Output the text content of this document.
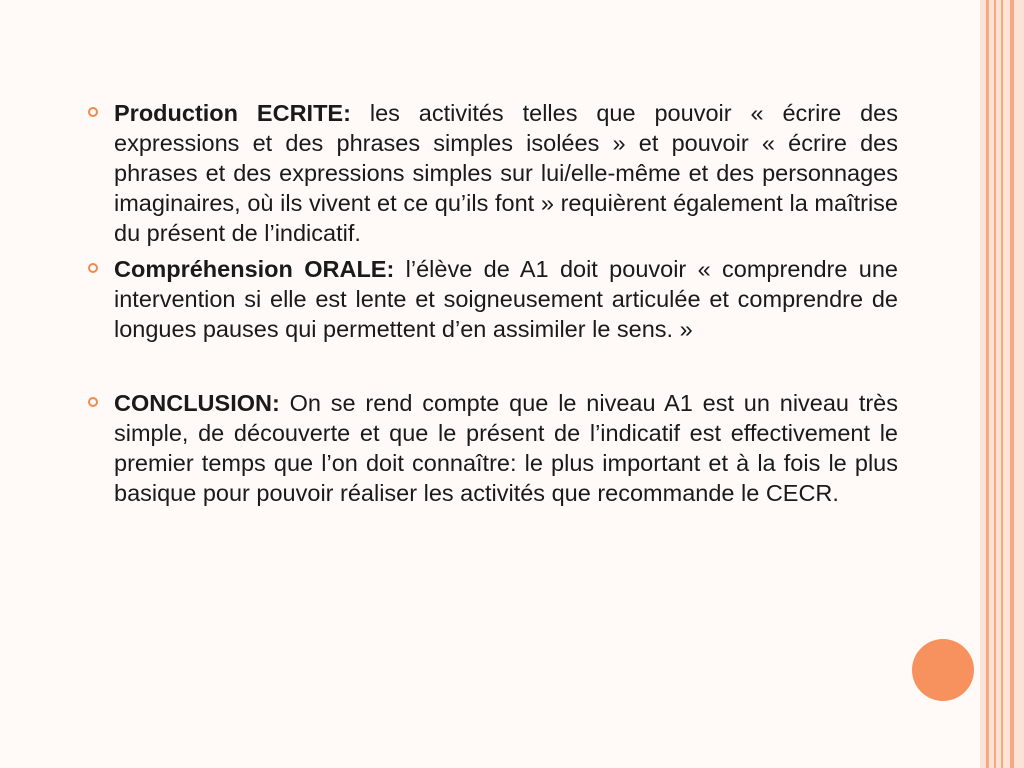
Production ECRITE: les activités telles que pouvoir « écrire des expressions et des phrases simples isolées » et pouvoir « écrire des phrases et des expressions simples sur lui/elle-même et des personnages imaginaires, où ils vivent et ce qu’ils font » requièrent également la maîtrise du présent de l’indicatif.
Compréhension ORALE: l’élève de A1 doit pouvoir « comprendre une intervention si elle est lente et soigneusement articulée et comprendre de longues pauses qui permettent d’en assimiler le sens. »
CONCLUSION: On se rend compte que le niveau A1 est un niveau très simple, de découverte et que le présent de l’indicatif est effectivement le premier temps que l’on doit connaître: le plus important et à la fois le plus basique pour pouvoir réaliser les activités que recommande le CECR.
